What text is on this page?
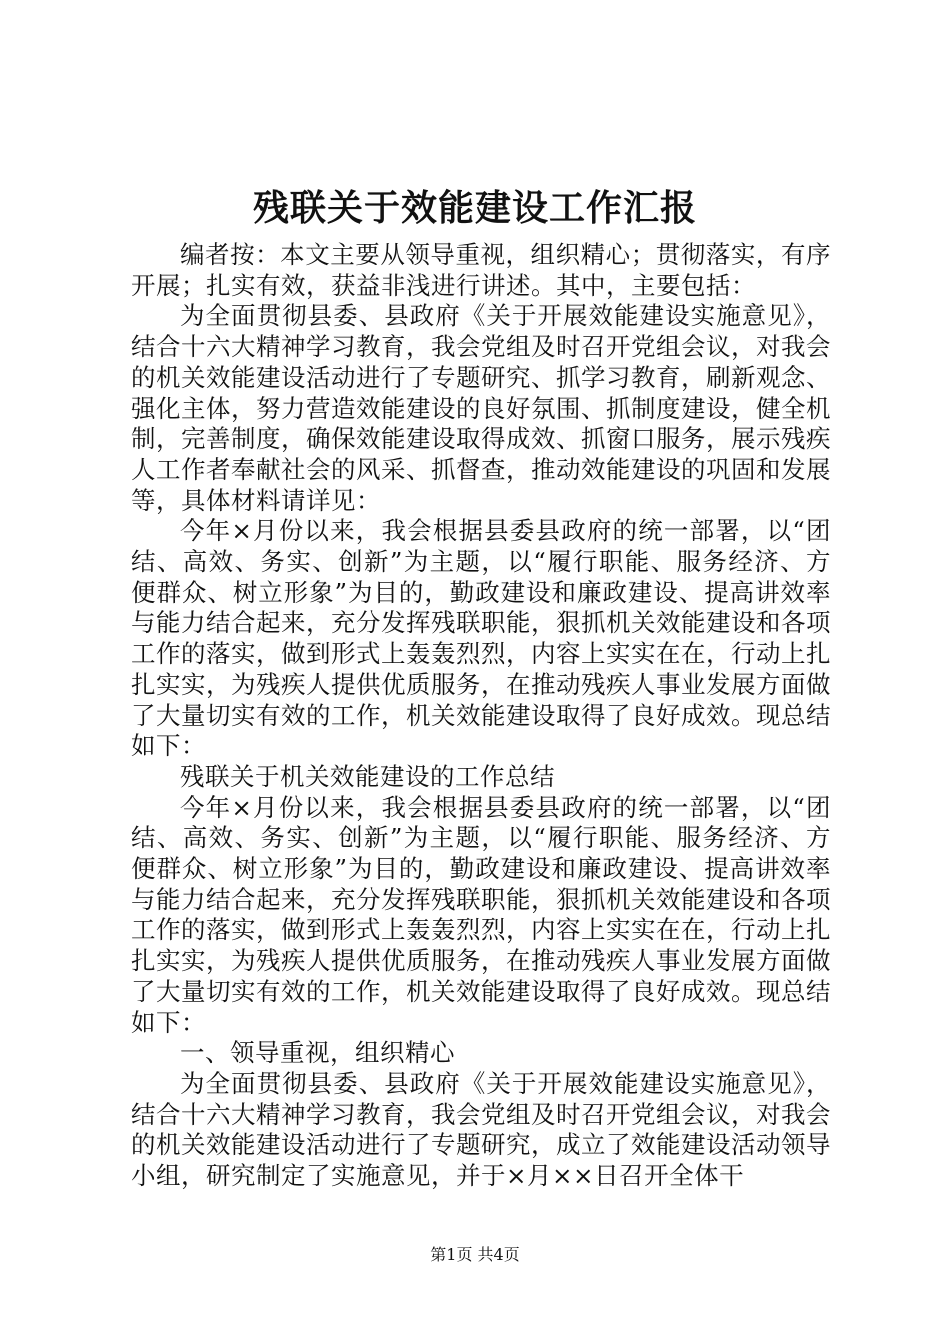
残联关于效能建设工作汇报

编者按：本文主要从领导重视，组织精心；贯彻落实，有序开展；扎实有效，获益非浅进行讲述。其中，主要包括：

为全面贯彻县委、县政府《关于开展效能建设实施意见》，结合十六大精神学习教育，我会党组及时召开党组会议，对我会的机关效能建设活动进行了专题研究、抓学习教育，刷新观念、强化主体，努力营造效能建设的良好氛围、抓制度建设，健全机制，完善制度，确保效能建设取得成效、抓窗口服务，展示残疾人工作者奉献社会的风采、抓督查，推动效能建设的巩固和发展等，具体材料请详见：

今年×月份以来，我会根据县委县政府的统一部署，以“团结、高效、务实、创新”为主题，以“履行职能、服务经济、方便群众、树立形象”为目的，勤政建设和廉政建设、提高讲效率与能力结合起来，充分发挥残联职能，狠抓机关效能建设和各项工作的落实，做到形式上轰轰烈烈，内容上实实在在，行动上扎扎实实，为残疾人提供优质服务，在推动残疾人事业发展方面做了大量切实有效的工作，机关效能建设取得了良好成效。现总结如下：

残联关于机关效能建设的工作总结

今年×月份以来，我会根据县委县政府的统一部署，以“团结、高效、务实、创新”为主题，以“履行职能、服务经济、方便群众、树立形象”为目的，勤政建设和廉政建设、提高讲效率与能力结合起来，充分发挥残联职能，狠抓机关效能建设和各项工作的落实，做到形式上轰轰烈烈，内容上实实在在，行动上扎扎实实，为残疾人提供优质服务，在推动残疾人事业发展方面做了大量切实有效的工作，机关效能建设取得了良好成效。现总结如下：

一、领导重视，组织精心

为全面贯彻县委、县政府《关于开展效能建设实施意见》，结合十六大精神学习教育，我会党组及时召开党组会议，对我会的机关效能建设活动进行了专题研究，成立了效能建设活动领导小组，研究制定了实施意见，并于×月××日召开全体干

第1页 共4页
